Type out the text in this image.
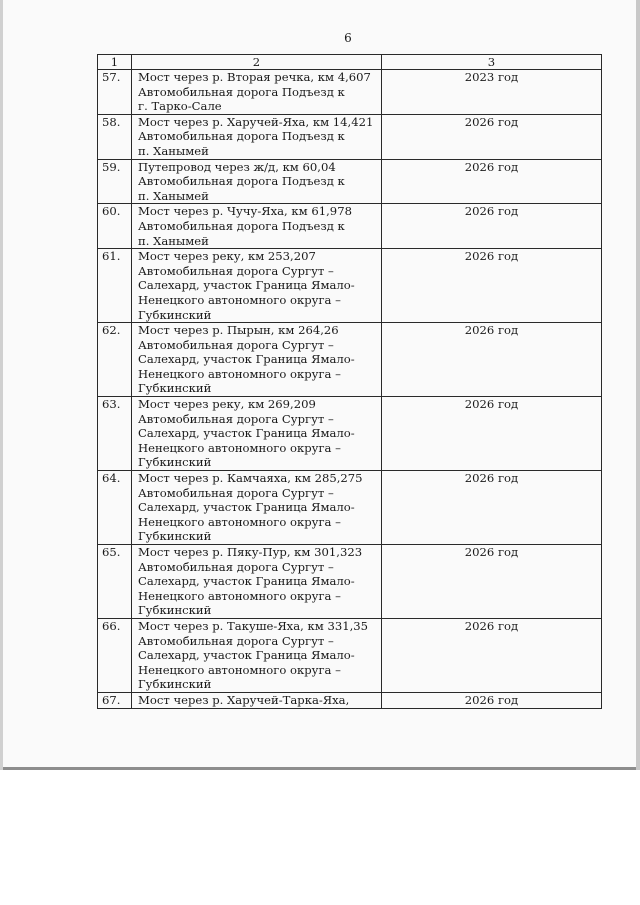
6
1	2	3
57.	Мост через р. Вторая речка, км 4,607
Автомобильная дорога Подъезд к
г. Тарко-Сале	2023 год
58.	Мост через р. Харучей-Яха, км 14,421
Автомобильная дорога Подъезд к
п. Ханымей	2026 год
59.	Путепровод через ж/д, км 60,04
Автомобильная дорога Подъезд к
п. Ханымей	2026 год
60.	Мост через р. Чучу-Яха, км 61,978
Автомобильная дорога Подъезд к
п. Ханымей	2026 год
61.	Мост через реку, км 253,207
Автомобильная дорога Сургут –
Салехард, участок Граница Ямало-
Ненецкого автономного округа –
Губкинский	2026 год
62.	Мост через р. Пырын, км 264,26
Автомобильная дорога Сургут –
Салехард, участок Граница Ямало-
Ненецкого автономного округа –
Губкинский	2026 год
63.	Мост через реку, км 269,209
Автомобильная дорога Сургут –
Салехард, участок Граница Ямало-
Ненецкого автономного округа –
Губкинский	2026 год
64.	Мост через р. Камчаяха, км 285,275
Автомобильная дорога Сургут –
Салехард, участок Граница Ямало-
Ненецкого автономного округа –
Губкинский	2026 год
65.	Мост через р. Пяку-Пур, км 301,323
Автомобильная дорога Сургут –
Салехард, участок Граница Ямало-
Ненецкого автономного округа –
Губкинский	2026 год
66.	Мост через р. Такуше-Яха, км 331,35
Автомобильная дорога Сургут –
Салехард, участок Граница Ямало-
Ненецкого автономного округа –
Губкинский	2026 год
67.	Мост через р. Харучей-Тарка-Яха,	2026 год
